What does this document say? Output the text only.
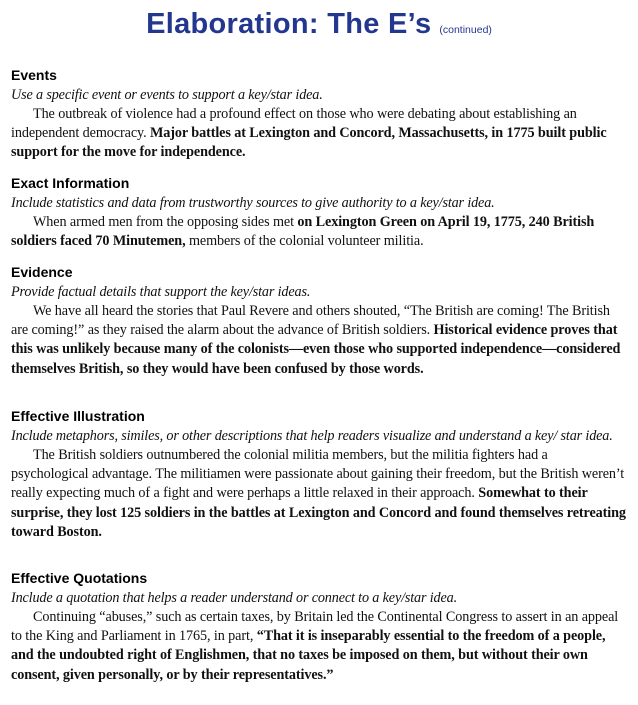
Elaboration: The E’s (continued)

Events

Use a specific event or events to support a key/star idea.

The outbreak of violence had a profound effect on those who were debating about establishing an independent democracy. Major battles at Lexington and Concord, Massachusetts, in 1775 built public support for the move for independence.

Exact Information

Include statistics and data from trustworthy sources to give authority to a key/star idea.

When armed men from the opposing sides met on Lexington Green on April 19, 1775, 240 British soldiers faced 70 Minutemen, members of the colonial volunteer militia.

Evidence

Provide factual details that support the key/star ideas.

We have all heard the stories that Paul Revere and others shouted, “The British are coming! The British are coming!” as they raised the alarm about the advance of British soldiers. Historical evidence proves that this was unlikely because many of the colonists—even those who supported independence—considered themselves British, so they would have been confused by those words.

Effective Illustration

Include metaphors, similes, or other descriptions that help readers visualize and understand a key/ star idea.

The British soldiers outnumbered the colonial militia members, but the militia fighters had a psychological advantage. The militiamen were passionate about gaining their freedom, but the British weren’t really expecting much of a fight and were perhaps a little relaxed in their approach. Somewhat to their surprise, they lost 125 soldiers in the battles at Lexington and Concord and found themselves retreating toward Boston.

Effective Quotations

Include a quotation that helps a reader understand or connect to a key/star idea.

Continuing “abuses,” such as certain taxes, by Britain led the Continental Congress to assert in an appeal to the King and Parliament in 1765, in part, “That it is inseparably essential to the freedom of a people, and the undoubted right of Englishmen, that no taxes be imposed on them, but without their own consent, given personally, or by their representatives.”
